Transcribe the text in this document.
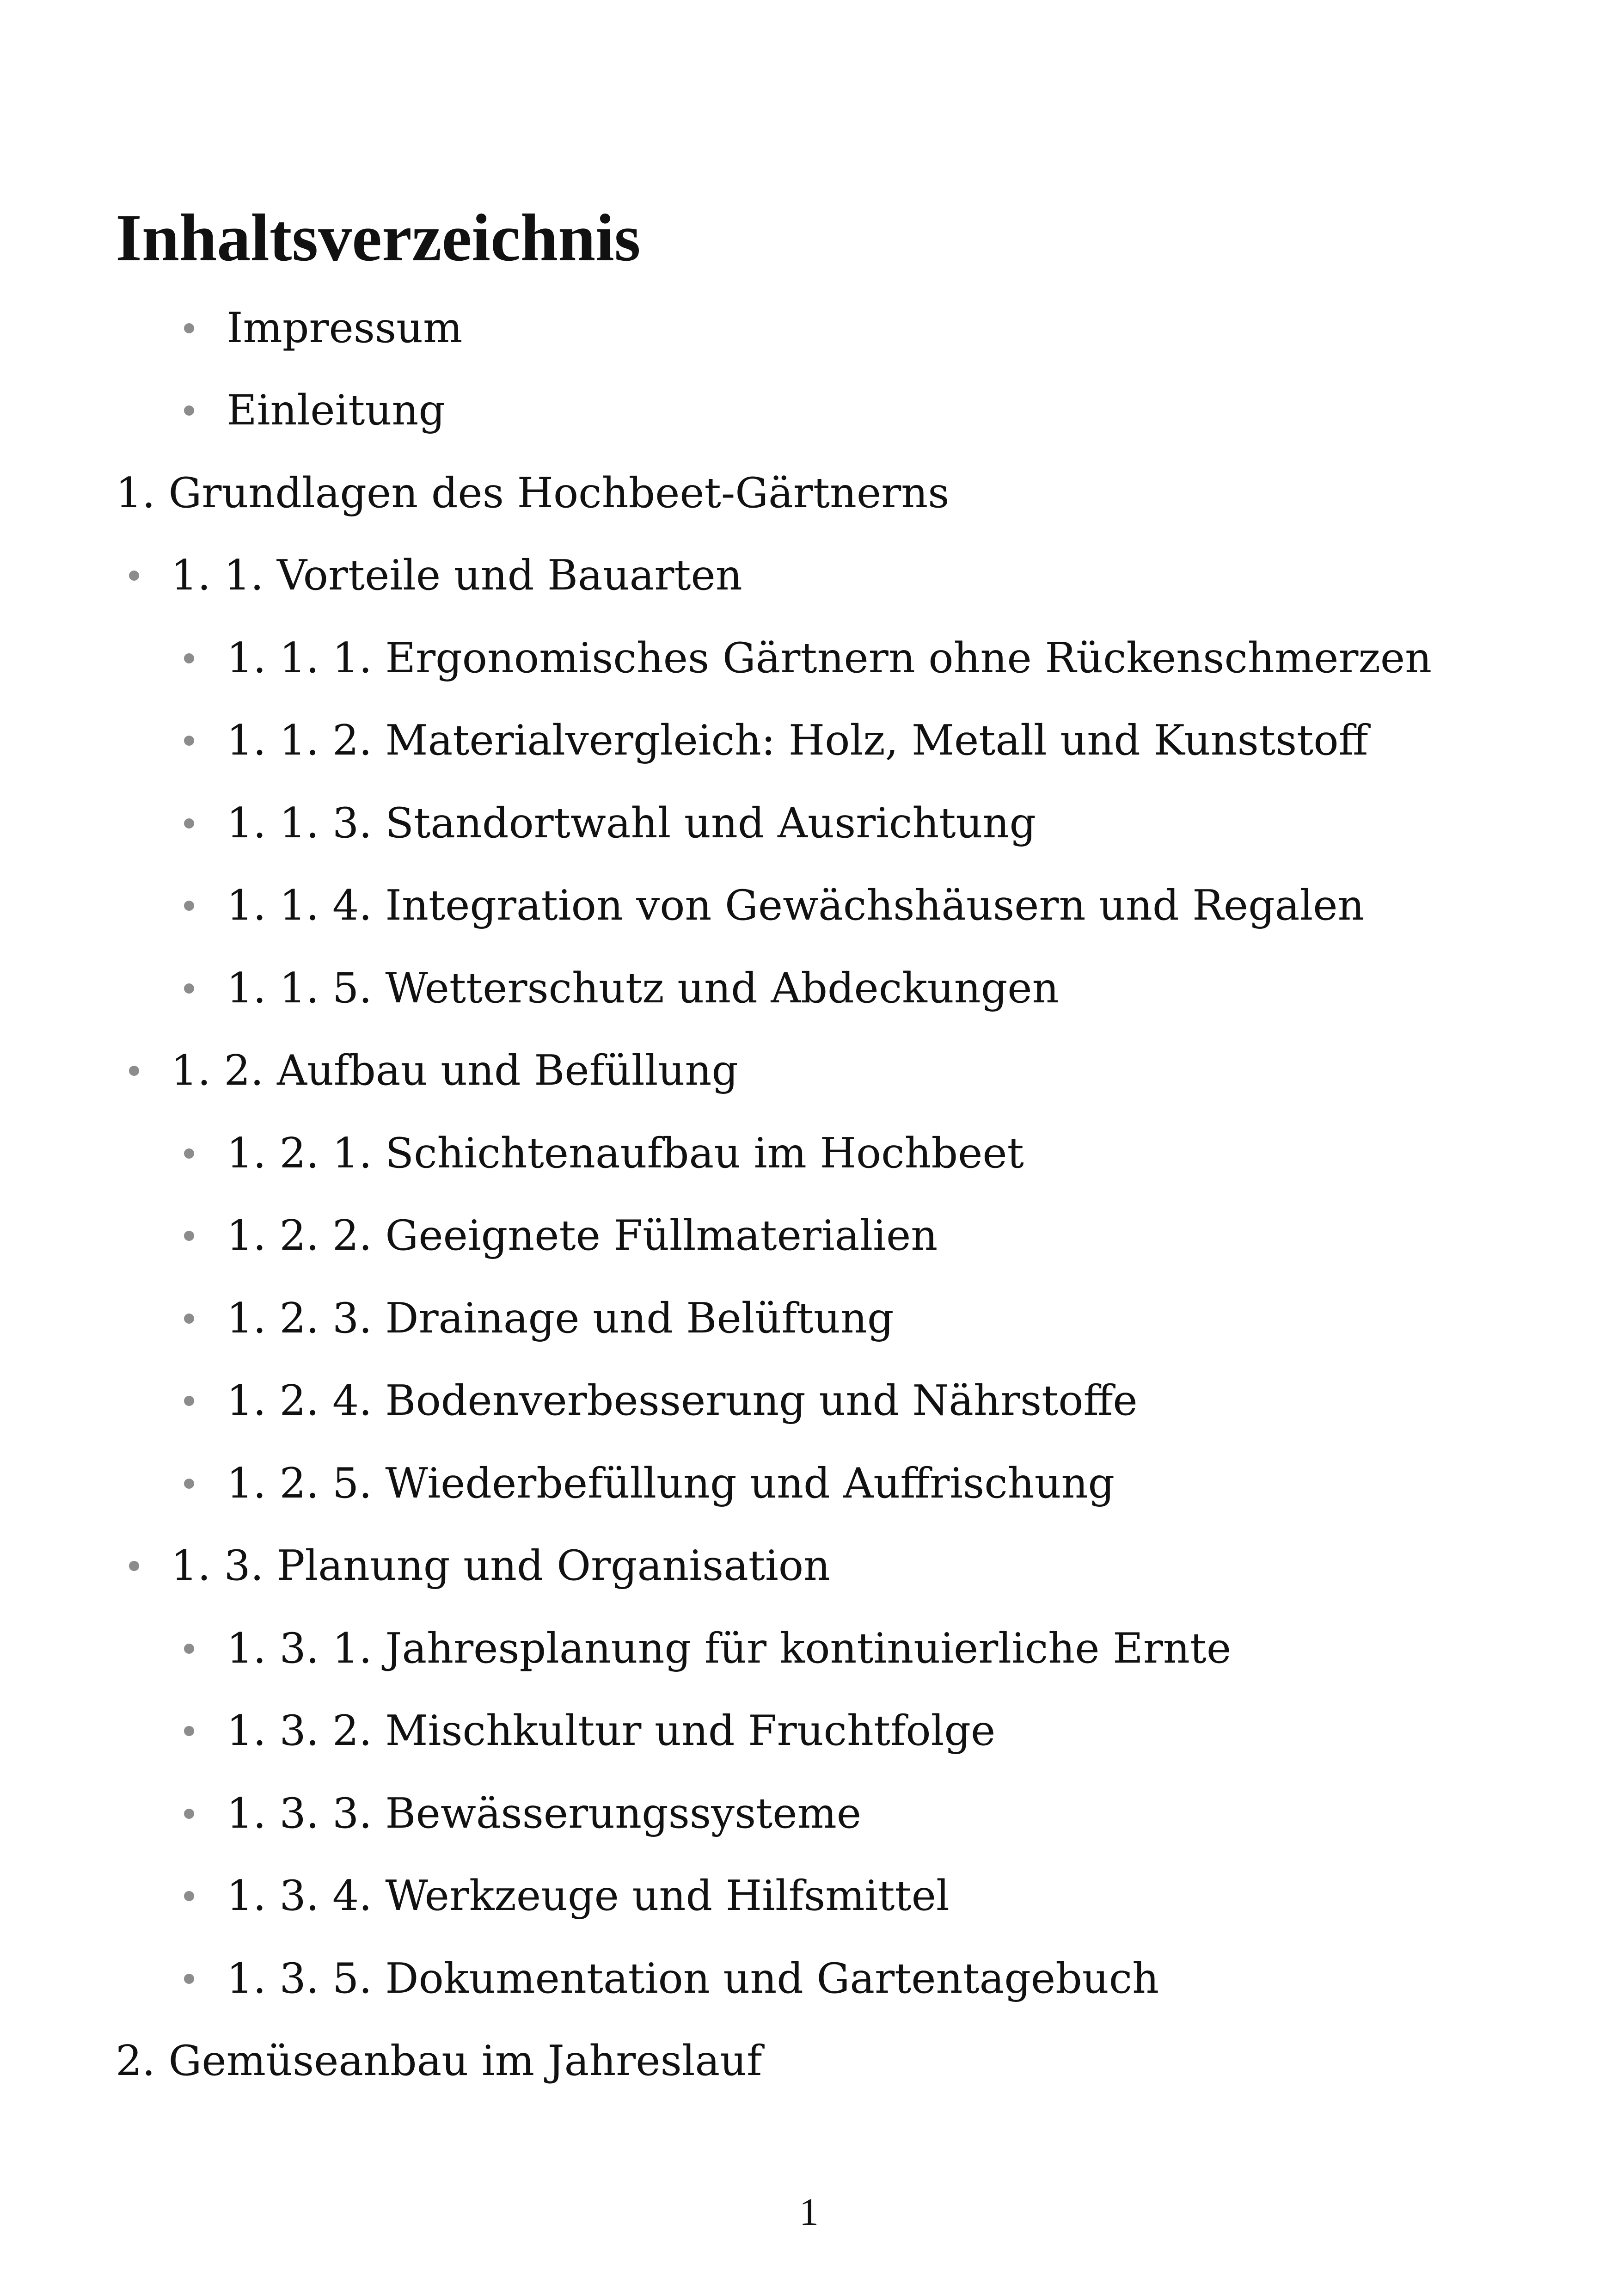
Inhaltsverzeichnis
Impressum
Einleitung
1. Grundlagen des Hochbeet-Gärtnerns
1. 1. Vorteile und Bauarten
1. 1. 1. Ergonomisches Gärtnern ohne Rückenschmerzen
1. 1. 2. Materialvergleich: Holz, Metall und Kunststoff
1. 1. 3. Standortwahl und Ausrichtung
1. 1. 4. Integration von Gewächshäusern und Regalen
1. 1. 5. Wetterschutz und Abdeckungen
1. 2. Aufbau und Befüllung
1. 2. 1. Schichtenaufbau im Hochbeet
1. 2. 2. Geeignete Füllmaterialien
1. 2. 3. Drainage und Belüftung
1. 2. 4. Bodenverbesserung und Nährstoffe
1. 2. 5. Wiederbefüllung und Auffrischung
1. 3. Planung und Organisation
1. 3. 1. Jahresplanung für kontinuierliche Ernte
1. 3. 2. Mischkultur und Fruchtfolge
1. 3. 3. Bewässerungssysteme
1. 3. 4. Werkzeuge und Hilfsmittel
1. 3. 5. Dokumentation und Gartentagebuch
2. Gemüseanbau im Jahreslauf
1
